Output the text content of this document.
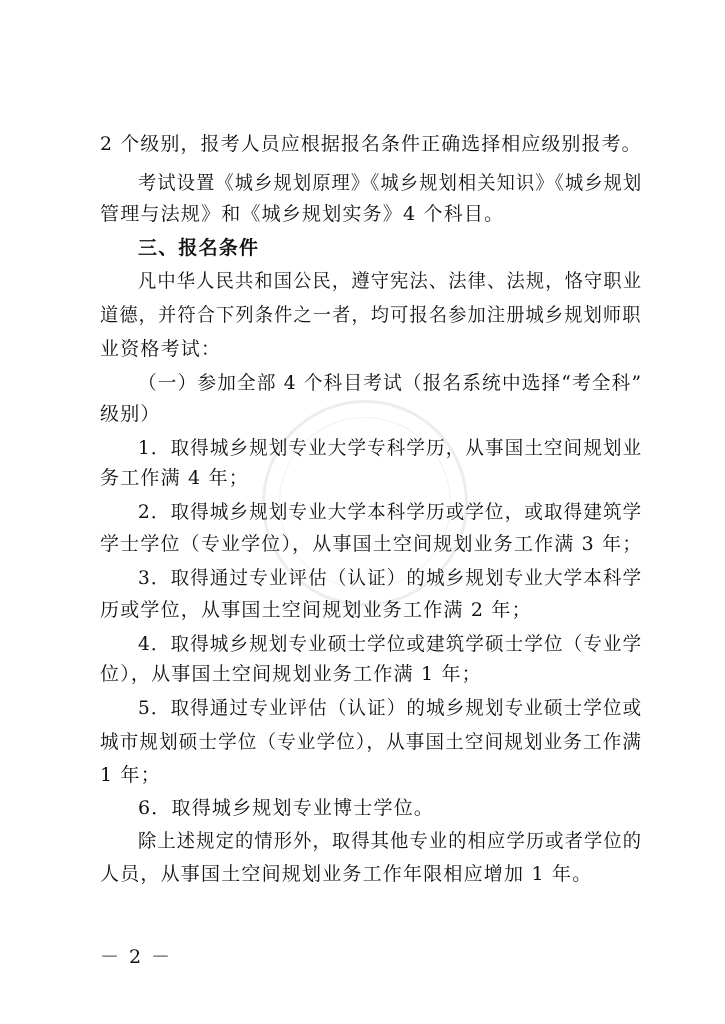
2 个级别，报考人员应根据报名条件正确选择相应级别报考。
考试设置《城乡规划原理》《城乡规划相关知识》《城乡规划
管理与法规》和《城乡规划实务》4 个科目。
三、报名条件
凡中华人民共和国公民，遵守宪法、法律、法规，恪守职业
道德，并符合下列条件之一者，均可报名参加注册城乡规划师职
业资格考试：
（一）参加全部 4 个科目考试（报名系统中选择“考全科”
级别）
1．取得城乡规划专业大学专科学历，从事国土空间规划业
务工作满 4 年；
2．取得城乡规划专业大学本科学历或学位，或取得建筑学
学士学位（专业学位），从事国土空间规划业务工作满 3 年；
3．取得通过专业评估（认证）的城乡规划专业大学本科学
历或学位，从事国土空间规划业务工作满 2 年；
4．取得城乡规划专业硕士学位或建筑学硕士学位（专业学
位），从事国土空间规划业务工作满 1 年；
5．取得通过专业评估（认证）的城乡规划专业硕士学位或
城市规划硕士学位（专业学位），从事国土空间规划业务工作满
1 年；
6．取得城乡规划专业博士学位。
除上述规定的情形外，取得其他专业的相应学历或者学位的
人员，从事国土空间规划业务工作年限相应增加 1 年。
－ 2 －
